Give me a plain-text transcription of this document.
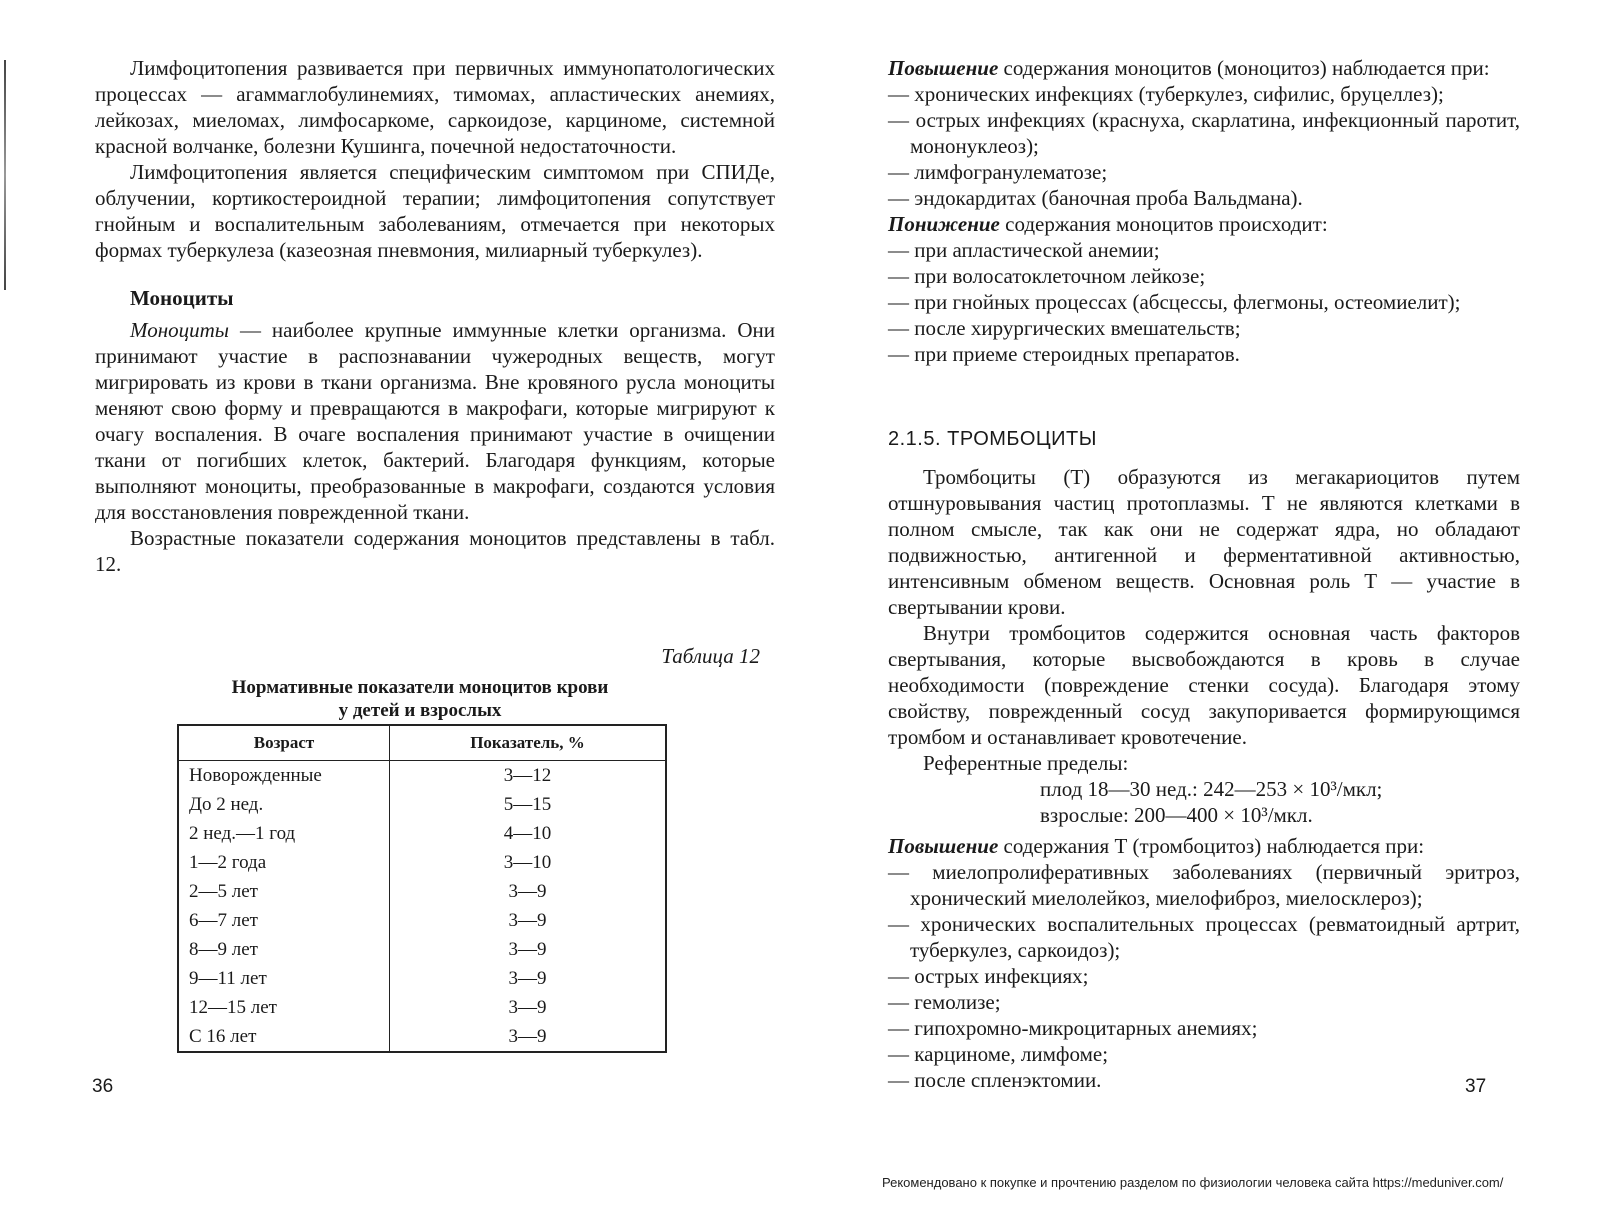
Лимфоцитопения развивается при первичных иммунопатологических процессах — агаммаглобулинемиях, тимомах, апластических анемиях, лейкозах, миеломах, лимфосаркоме, саркоидозе, карциноме, системной красной волчанке, болезни Кушинга, почечной недостаточности.

Лимфоцитопения является специфическим симптомом при СПИДе, облучении, кортикостероидной терапии; лимфоцитопения сопутствует гнойным и воспалительным заболеваниям, отмечается при некоторых формах туберкулеза (казеозная пневмония, милиарный туберкулез).

Моноциты

Моноциты — наиболее крупные иммунные клетки организма. Они принимают участие в распознавании чужеродных веществ, могут мигрировать из крови в ткани организма. Вне кровяного русла моноциты меняют свою форму и превращаются в макрофаги, которые мигрируют к очагу воспаления. В очаге воспаления принимают участие в очищении ткани от погибших клеток, бактерий. Благодаря функциям, которые выполняют моноциты, преобразованные в макрофаги, создаются условия для восстановления поврежденной ткани.

Возрастные показатели содержания моноцитов представлены в табл. 12.

Таблица 12
Нормативные показатели моноцитов крови
у детей и взрослых
Возраст	Показатель, %
Новорожденные	3—12
До 2 нед.	5—15
2 нед.—1 год	4—10
1—2 года	3—10
2—5 лет	3—9
6—7 лет	3—9
8—9 лет	3—9
9—11 лет	3—9
12—15 лет	3—9
С 16 лет	3—9
36

Повышение содержания моноцитов (моноцитоз) наблюдается при:

— хронических инфекциях (туберкулез, сифилис, бруцеллез);
— острых инфекциях (краснуха, скарлатина, инфекционный паротит, мононуклеоз);
— лимфогранулематозе;
— эндокардитах (баночная проба Вальдмана).

Понижение содержания моноцитов происходит:

— при апластической анемии;
— при волосатоклеточном лейкозе;
— при гнойных процессах (абсцессы, флегмоны, остеомиелит);
— после хирургических вмешательств;
— при приеме стероидных препаратов.
2.1.5. ТРОМБОЦИТЫ

Тромбоциты (Т) образуются из мегакариоцитов путем отшнуровывания частиц протоплазмы. Т не являются клетками в полном смысле, так как они не содержат ядра, но обладают подвижностью, антигенной и ферментативной активностью, интенсивным обменом веществ. Основная роль Т — участие в свертывании крови.

Внутри тромбоцитов содержится основная часть факторов свертывания, которые высвобождаются в кровь в случае необходимости (повреждение стенки сосуда). Благодаря этому свойству, поврежденный сосуд закупоривается формирующимся тромбом и останавливает кровотечение.

Референтные пределы:

плод 18—30 нед.: 242—253 × 10³/мкл;
взрослые: 200—400 × 10³/мкл.

Повышение содержания Т (тромбоцитоз) наблюдается при:

— миелопролиферативных заболеваниях (первичный эритроз, хронический миелолейкоз, миелофиброз, миелосклероз);
— хронических воспалительных процессах (ревматоидный артрит, туберкулез, саркоидоз);
— острых инфекциях;
— гемолизе;
— гипохромно-микроцитарных анемиях;
— карциноме, лимфоме;
— после спленэктомии.	37
Рекомендовано к покупке и прочтению разделом по физиологии человека сайта https://meduniver.com/
